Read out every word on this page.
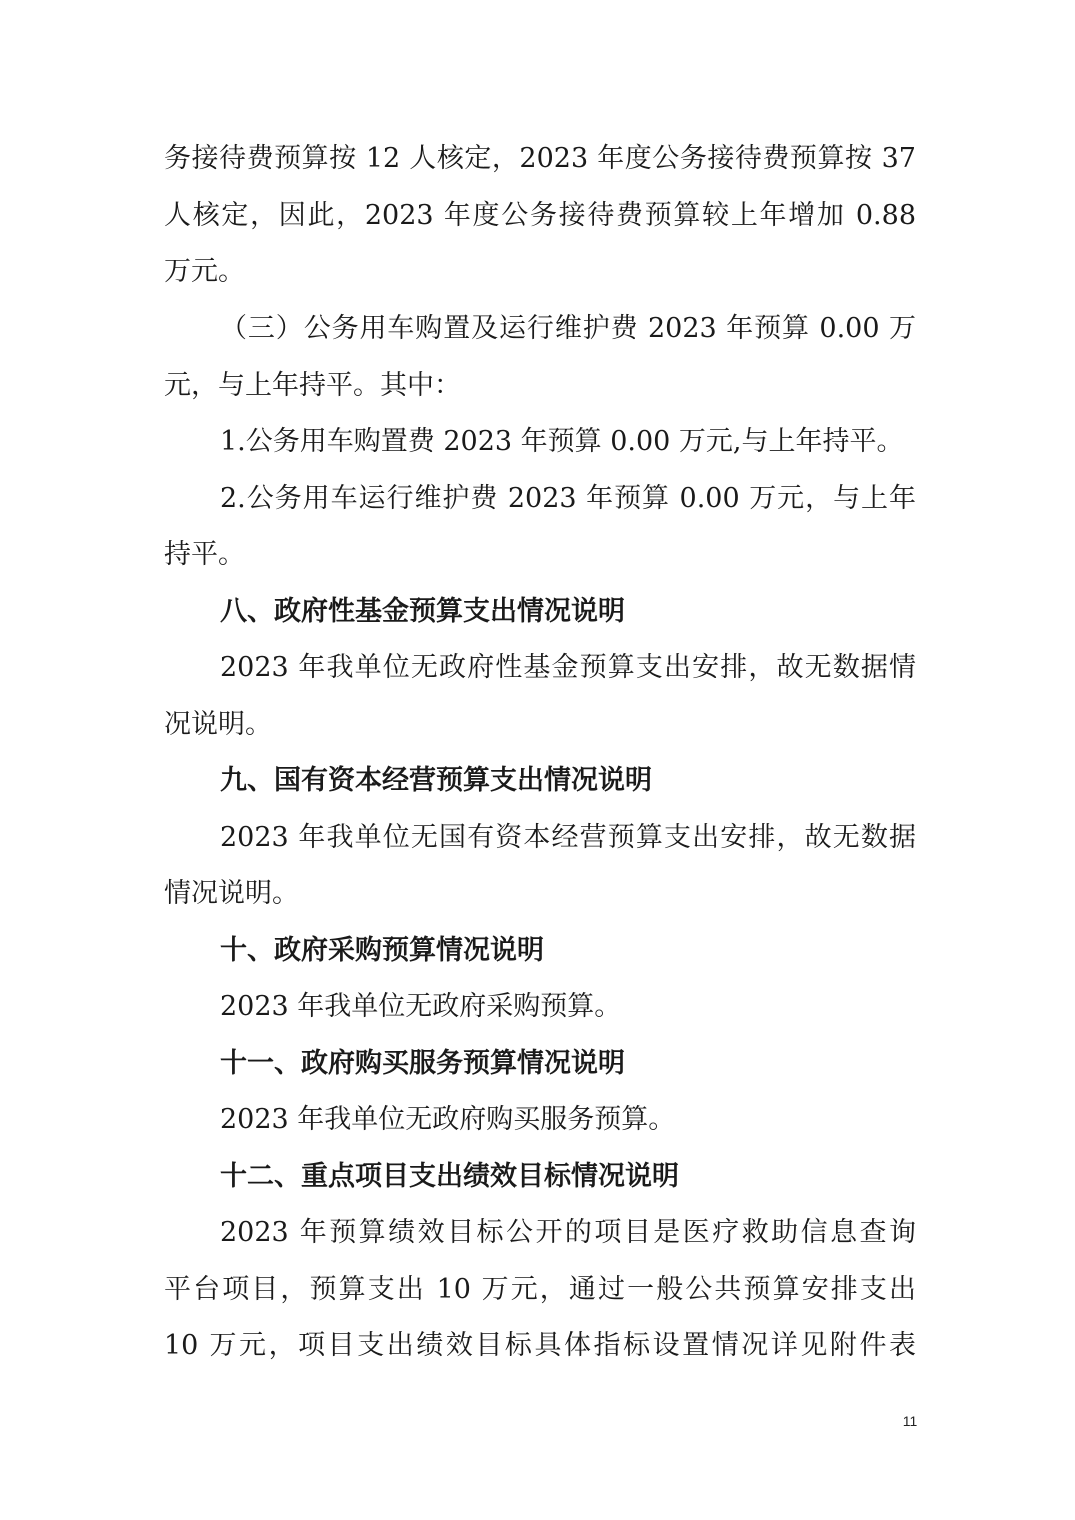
务接待费预算按 12 人核定，2023 年度公务接待费预算按 37
人核定，因此，2023 年度公务接待费预算较上年增加 0.88
万元。
（三）公务用车购置及运行维护费 2023 年预算 0.00 万
元，与上年持平。其中：
1.公务用车购置费 2023 年预算 0.00 万元,与上年持平。
2.公务用车运行维护费 2023 年预算 0.00 万元，与上年
持平。
八、政府性基金预算支出情况说明
2023 年我单位无政府性基金预算支出安排，故无数据情
况说明。
九、国有资本经营预算支出情况说明
2023 年我单位无国有资本经营预算支出安排，故无数据
情况说明。
十、政府采购预算情况说明
2023 年我单位无政府采购预算。
十一、政府购买服务预算情况说明
2023 年我单位无政府购买服务预算。
十二、重点项目支出绩效目标情况说明
2023 年预算绩效目标公开的项目是医疗救助信息查询
平台项目，预算支出 10 万元，通过一般公共预算安排支出
10 万元，项目支出绩效目标具体指标设置情况详见附件表
11
